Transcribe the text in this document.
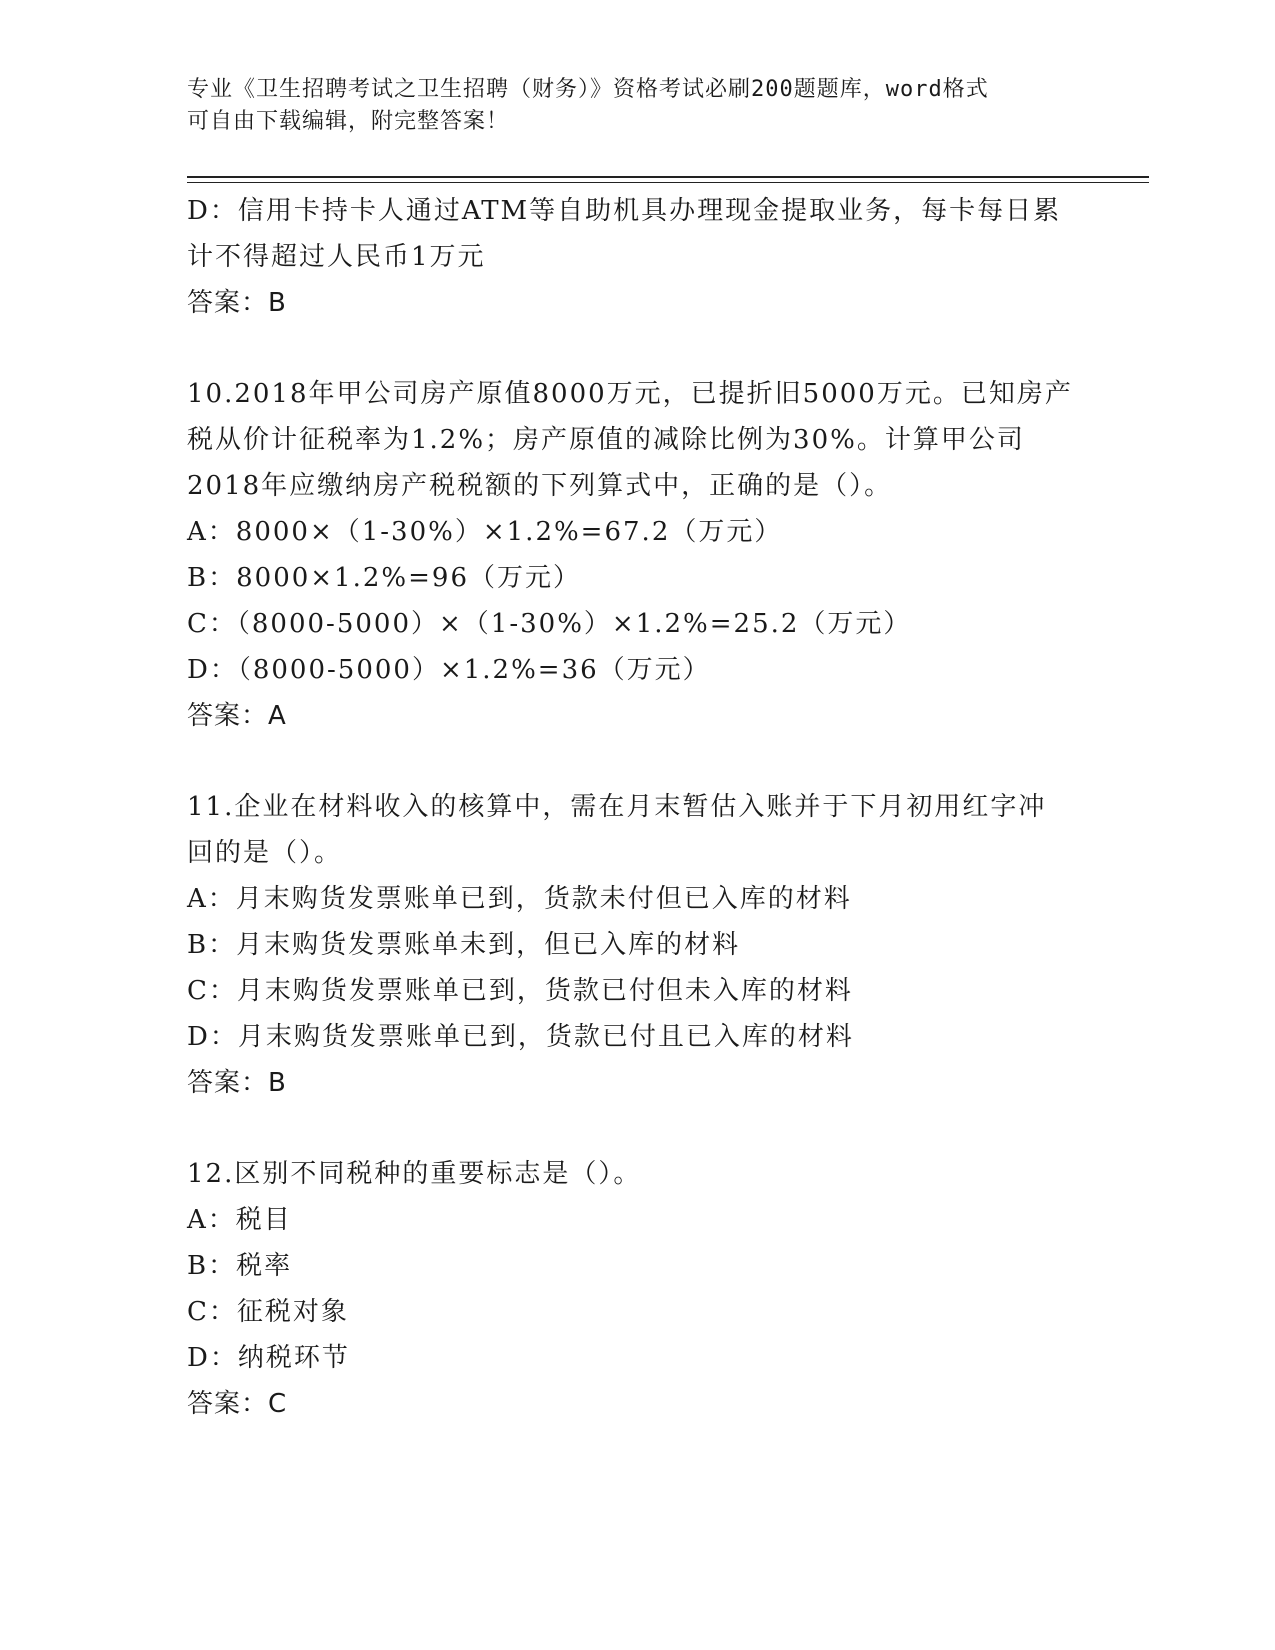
专业《卫生招聘考试之卫生招聘（财务）》资格考试必刷200题题库，word格式
可自由下载编辑，附完整答案！
D：信用卡持卡人通过ATM等自助机具办理现金提取业务，每卡每日累
计不得超过人民币1万元
答案：B
10.2018年甲公司房产原值8000万元，已提折旧5000万元。已知房产
税从价计征税率为1.2%；房产原值的减除比例为30%。计算甲公司
2018年应缴纳房产税税额的下列算式中，正确的是（）。
A：8000×（1-30%）×1.2%=67.2（万元）
B：8000×1.2%=96（万元）
C：（8000-5000）×（1-30%）×1.2%=25.2（万元）
D：（8000-5000）×1.2%=36（万元）
答案：A
11.企业在材料收入的核算中，需在月末暂估入账并于下月初用红字冲
回的是（）。
A：月末购货发票账单已到，货款未付但已入库的材料
B：月末购货发票账单未到，但已入库的材料
C：月末购货发票账单已到，货款已付但未入库的材料
D：月末购货发票账单已到，货款已付且已入库的材料
答案：B
12.区别不同税种的重要标志是（）。
A：税目
B：税率
C：征税对象
D：纳税环节
答案：C
